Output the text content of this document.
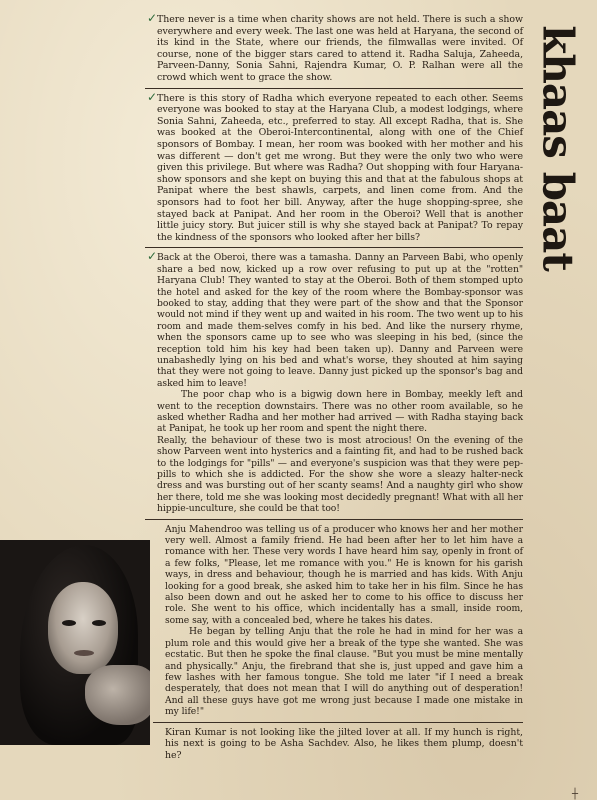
khaas baat
✓ There never is a time when charity shows are not held. There is such a show everywhere and every week. The last one was held at Haryana, the second of its kind in the State, where our friends, the filmwallas were invited. Of course, none of the bigger stars cared to attend it. Radha Saluja, Zaheeda, Parveen-Danny, Sonia Sahni, Rajendra Kumar, O. P. Ralhan were all the crowd which went to grace the show.

✓ There is this story of Radha which everyone repeated to each other. Seems everyone was booked to stay at the Haryana Club, a modest lodgings, where Sonia Sahni, Zaheeda, etc., preferred to stay. All except Radha, that is. She was booked at the Oberoi-Intercontinental, along with one of the Chief sponsors of Bombay. I mean, her room was booked with her mother and his was different — don't get me wrong. But they were the only two who were given this privilege. But where was Radha? Out shopping with four Haryana-show sponsors and she kept on buying this and that at the fabulous shops at Panipat where the best shawls, carpets, and linen come from. And the sponsors had to foot her bill. Anyway, after the huge shopping-spree, she stayed back at Panipat. And her room in the Oberoi? Well that is another little juicy story. But juicer still is why she stayed back at Panipat? To repay the kindness of the sponsors who looked after her bills?

✓ Back at the Oberoi, there was a tamasha. Danny an Parveen Babi, who openly share a bed now, kicked up a row over refusing to put up at the "rotten" Haryana Club! They wanted to stay at the Oberoi. Both of them stomped upto the hotel and asked for the key of the room where the Bombay-sponsor was booked to stay, adding that they were part of the show and that the Sponsor would not mind if they went up and waited in his room. The two went up to his room and made them-selves comfy in his bed. And like the nursery rhyme, when the sponsors came up to see who was sleeping in his bed, (since the reception told him his key had been taken up). Danny and Parveen were unabashedly lying on his bed and what's worse, they shouted at him saying that they were not going to leave. Danny just picked up the sponsor's bag and asked him to leave!

The poor chap who is a bigwig down here in Bombay, meekly left and went to the reception downstairs. There was no other room available, so he asked whether Radha and her mother had arrived — with Radha staying back at Panipat, he took up her room and spent the night there.

Really, the behaviour of these two is most atrocious! On the evening of the show Parveen went into hysterics and a fainting fit, and had to be rushed back to the lodgings for "pills" — and everyone's suspicion was that they were pep-pills to which she is addicted. For the show she wore a sleazy halter-neck dress and was bursting out of her scanty seams! And a naughty girl who show her there, told me she was looking most decidedly pregnant! What with all her hippie-unculture, she could be that too!

Anju Mahendroo was telling us of a producer who knows her and her mother very well. Almost a family friend. He had been after her to let him have a romance with her. These very words I have heard him say, openly in front of a few folks, "Please, let me romance with you." He is known for his garish ways, in dress and behaviour, though he is married and has kids. With Anju looking for a good break, she asked him to take her in his film. Since he has also been down and out he asked her to come to his office to discuss her role. She went to his office, which incidentally has a small, inside room, some say, with a concealed bed, where he takes his dates.

He began by telling Anju that the role he had in mind for her was a plum role and this would give her a break of the type she wanted. She was ecstatic. But then he spoke the final clause. "But you must be mine mentally and physically." Anju, the firebrand that she is, just upped and gave him a few lashes with her famous tongue. She told me later "if I need a break desperately, that does not mean that I will do anything out of desperation! And all these guys have got me wrong just because I made one mistake in my life!"

Kiran Kumar is not looking like the jilted lover at all. If my hunch is right, his next is going to be Asha Sachdev. Also, he likes them plump, doesn't he?

┼
